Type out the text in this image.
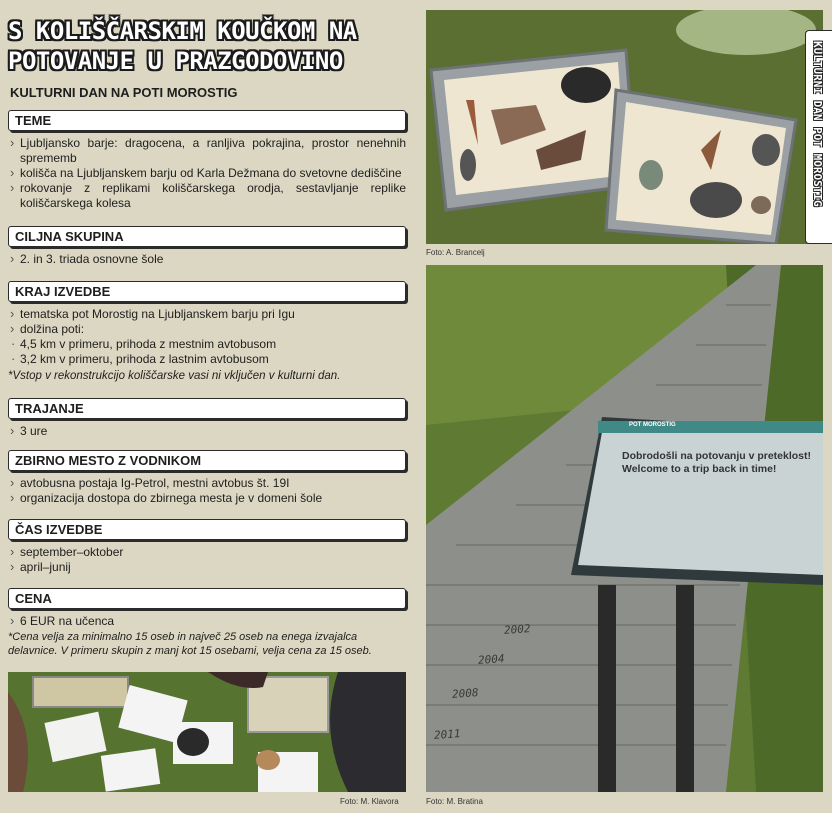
S KOLIŠČARSKIM KOUČKOM NA
POTOVANJE U PRAZGODOVINO
KULTURNI DAN NA POTI MOROSTIG
TEME
› Ljubljansko barje: dragocena, a ranljiva pokrajina, prostor nenehnih sprememb
› kolišča na Ljubljanskem barju od Karla Dežmana do svetovne dediščine
› rokovanje z replikami koliščarskega orodja, sestavljanje replike koliščarskega kolesa
CILJNA SKUPINA
› 2. in 3. triada osnovne šole
KRAJ IZVEDBE
› tematska pot Morostig na Ljubljanskem barju pri Igu
› dolžina poti:
· 4,5 km v primeru, prihoda z mestnim avtobusom
· 3,2 km v primeru, prihoda z lastnim avtobusom
*Vstop v rekonstrukcijo koliščarske vasi ni vključen v kulturni dan.
TRAJANJE
› 3 ure
ZBIRNO MESTO Z VODNIKOM
› avtobusna postaja Ig-Petrol, mestni avtobus št. 19I
› organizacija dostopa do zbirnega mesta je v domeni šole
ČAS IZVEDBE
› september–oktober
› april–junij
CENA
› 6 EUR na učenca
*Cena velja za minimalno 15 oseb in največ 25 oseb na enega izvajalca delavnice. V primeru skupin z manj kot 15 osebami, velja cena za 15 oseb.
Foto: M. Klavora
Foto: A. Brancelj
KULTURNI DAN POT MOROSTIG
POT MOROSTIG
Dobrodošli na potovanju v preteklost!
Welcome to a trip back in time!
2002
2004
2008
2011
Foto: M. Bratina
